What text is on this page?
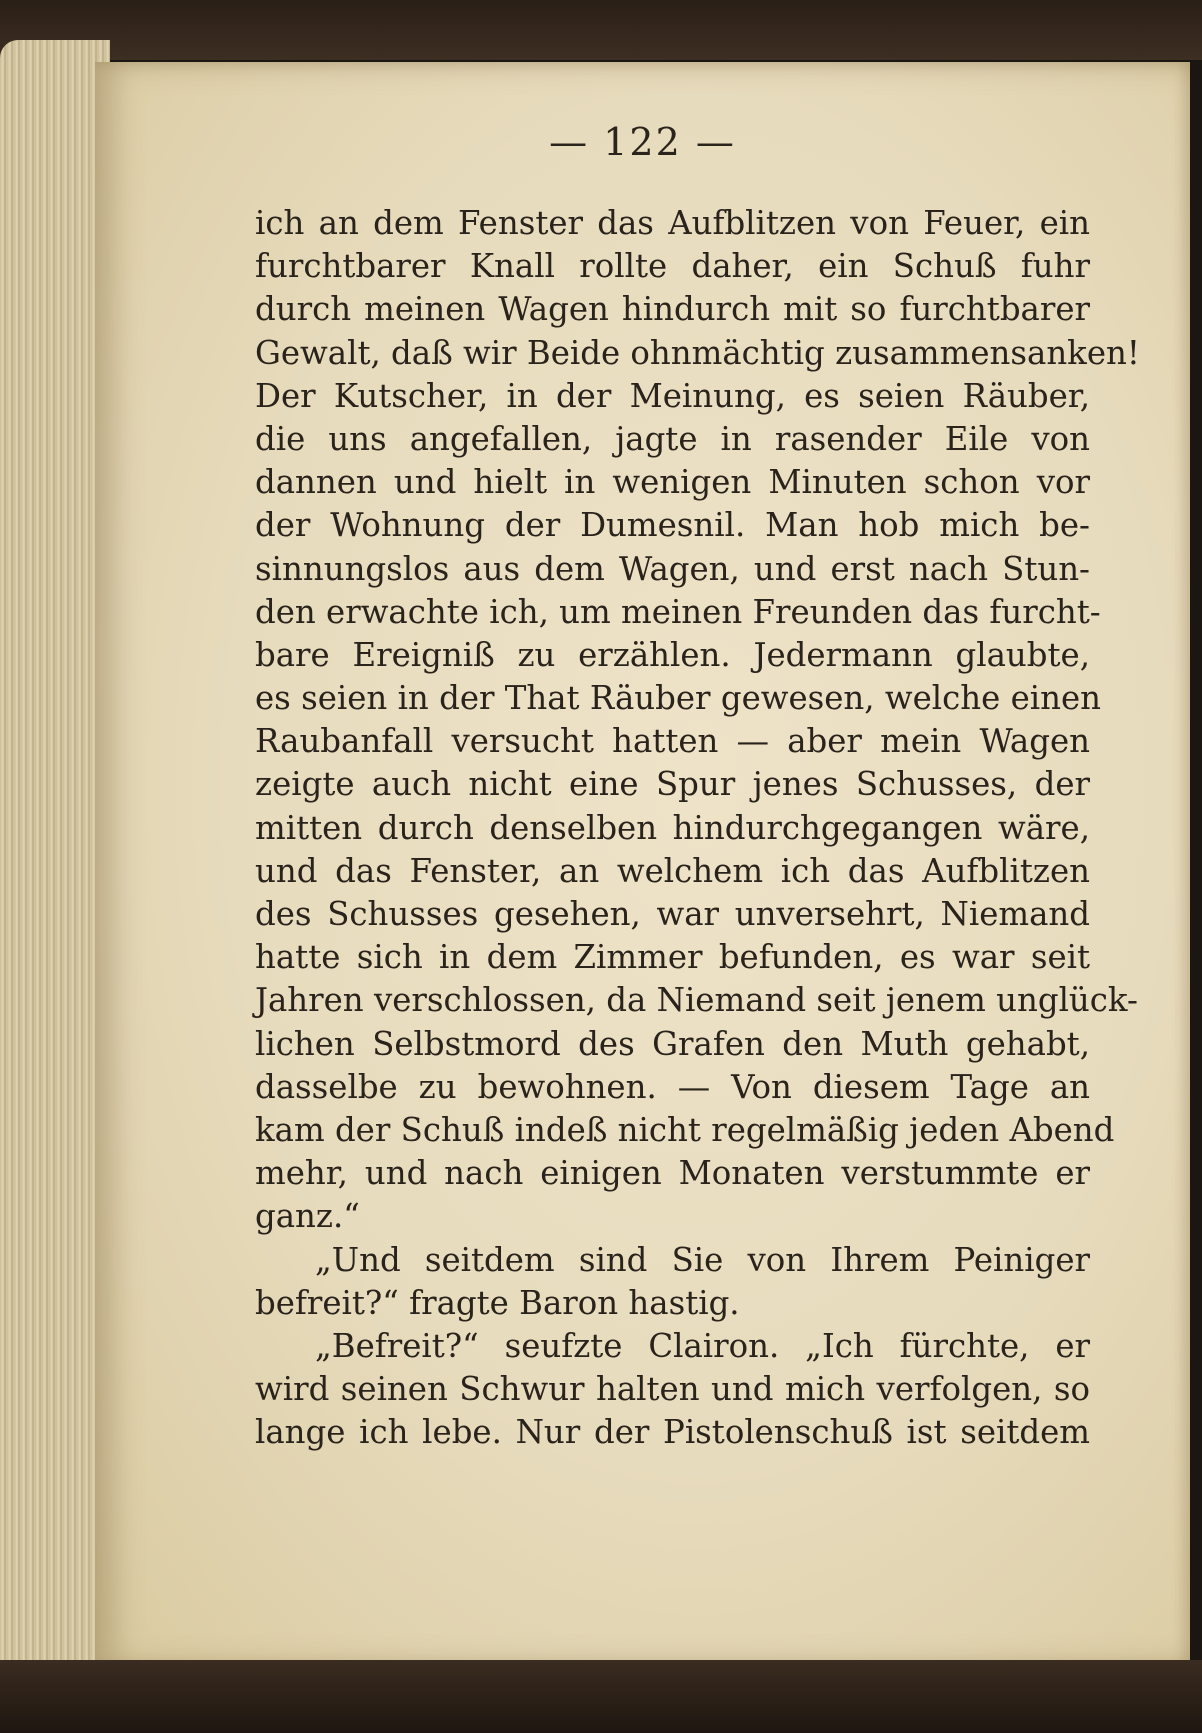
— 122 —
ich an dem Fenster das Aufblitzen von Feuer, ein
furchtbarer Knall rollte daher, ein Schuß fuhr
durch meinen Wagen hindurch mit so furchtbarer
Gewalt, daß wir Beide ohnmächtig zusammensanken!
Der Kutscher, in der Meinung, es seien Räuber,
die uns angefallen, jagte in rasender Eile von
dannen und hielt in wenigen Minuten schon vor
der Wohnung der Dumesnil. Man hob mich be-
sinnungslos aus dem Wagen, und erst nach Stun-
den erwachte ich, um meinen Freunden das furcht-
bare Ereigniß zu erzählen. Jedermann glaubte,
es seien in der That Räuber gewesen, welche einen
Raubanfall versucht hatten — aber mein Wagen
zeigte auch nicht eine Spur jenes Schusses, der
mitten durch denselben hindurchgegangen wäre,
und das Fenster, an welchem ich das Aufblitzen
des Schusses gesehen, war unversehrt, Niemand
hatte sich in dem Zimmer befunden, es war seit
Jahren verschlossen, da Niemand seit jenem unglück-
lichen Selbstmord des Grafen den Muth gehabt,
dasselbe zu bewohnen. — Von diesem Tage an
kam der Schuß indeß nicht regelmäßig jeden Abend
mehr, und nach einigen Monaten verstummte er
ganz.“
„Und seitdem sind Sie von Ihrem Peiniger
befreit?“ fragte Baron hastig.
„Befreit?“ seufzte Clairon. „Ich fürchte, er
wird seinen Schwur halten und mich verfolgen, so
lange ich lebe. Nur der Pistolenschuß ist seitdem
